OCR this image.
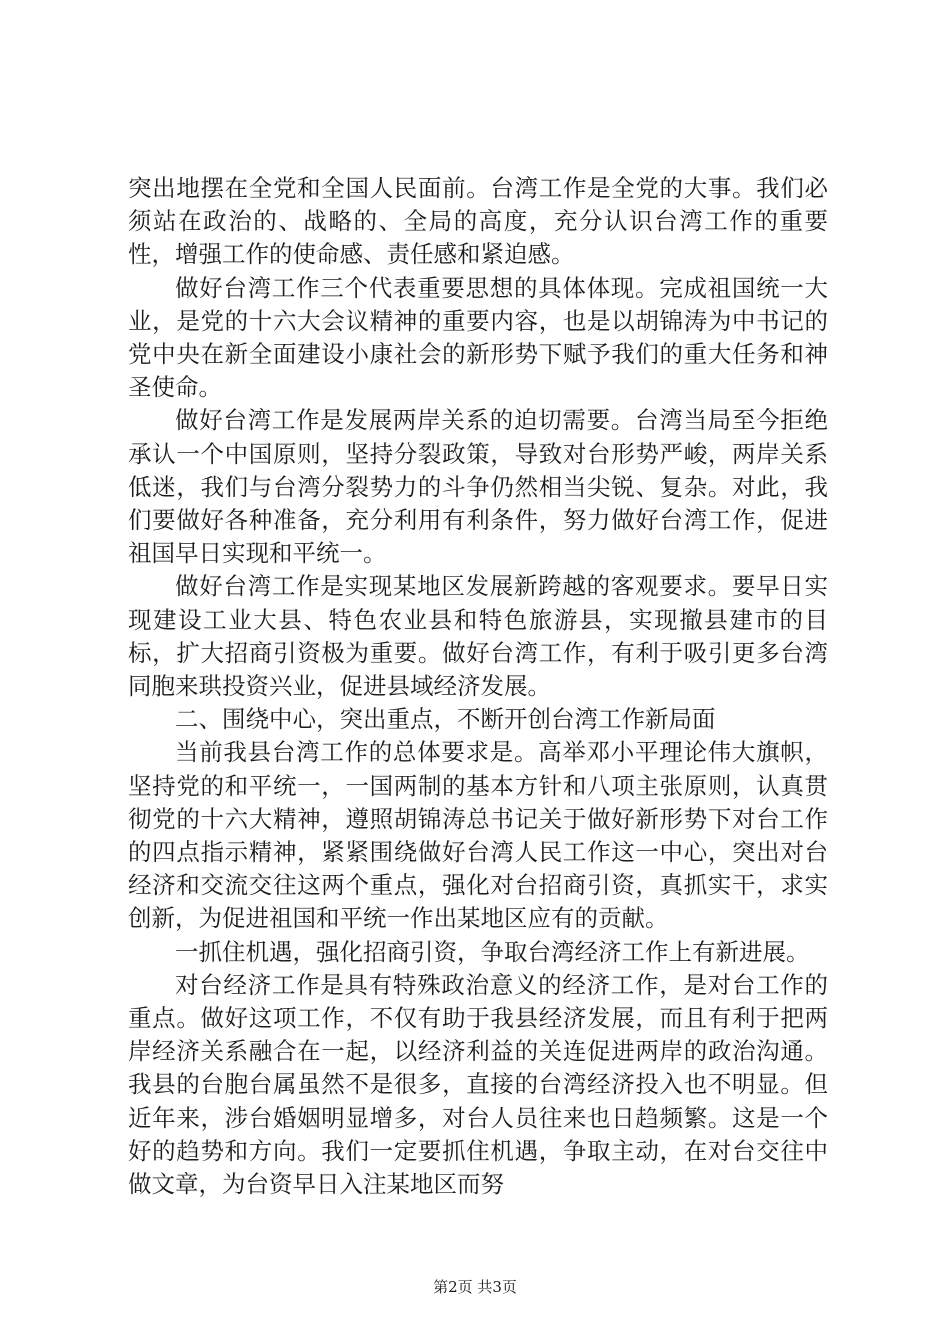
突出地摆在全党和全国人民面前。台湾工作是全党的大事。我们必须站在政治的、战略的、全局的高度，充分认识台湾工作的重要性，增强工作的使命感、责任感和紧迫感。

做好台湾工作三个代表重要思想的具体体现。完成祖国统一大业，是党的十六大会议精神的重要内容，也是以胡锦涛为中书记的党中央在新全面建设小康社会的新形势下赋予我们的重大任务和神圣使命。

做好台湾工作是发展两岸关系的迫切需要。台湾当局至今拒绝承认一个中国原则，坚持分裂政策，导致对台形势严峻，两岸关系低迷，我们与台湾分裂势力的斗争仍然相当尖锐、复杂。对此，我们要做好各种准备，充分利用有利条件，努力做好台湾工作，促进祖国早日实现和平统一。

做好台湾工作是实现某地区发展新跨越的客观要求。要早日实现建设工业大县、特色农业县和特色旅游县，实现撤县建市的目标，扩大招商引资极为重要。做好台湾工作，有利于吸引更多台湾同胞来珙投资兴业，促进县域经济发展。

二、围绕中心，突出重点，不断开创台湾工作新局面

当前我县台湾工作的总体要求是。高举邓小平理论伟大旗帜，坚持党的和平统一，一国两制的基本方针和八项主张原则，认真贯彻党的十六大精神，遵照胡锦涛总书记关于做好新形势下对台工作的四点指示精神，紧紧围绕做好台湾人民工作这一中心，突出对台经济和交流交往这两个重点，强化对台招商引资，真抓实干，求实创新，为促进祖国和平统一作出某地区应有的贡献。

一抓住机遇，强化招商引资，争取台湾经济工作上有新进展。

对台经济工作是具有特殊政治意义的经济工作，是对台工作的重点。做好这项工作，不仅有助于我县经济发展，而且有利于把两岸经济关系融合在一起，以经济利益的关连促进两岸的政治沟通。我县的台胞台属虽然不是很多，直接的台湾经济投入也不明显。但近年来，涉台婚姻明显增多，对台人员往来也日趋频繁。这是一个好的趋势和方向。我们一定要抓住机遇，争取主动，在对台交往中做文章，为台资早日入注某地区而努

第2页 共3页
